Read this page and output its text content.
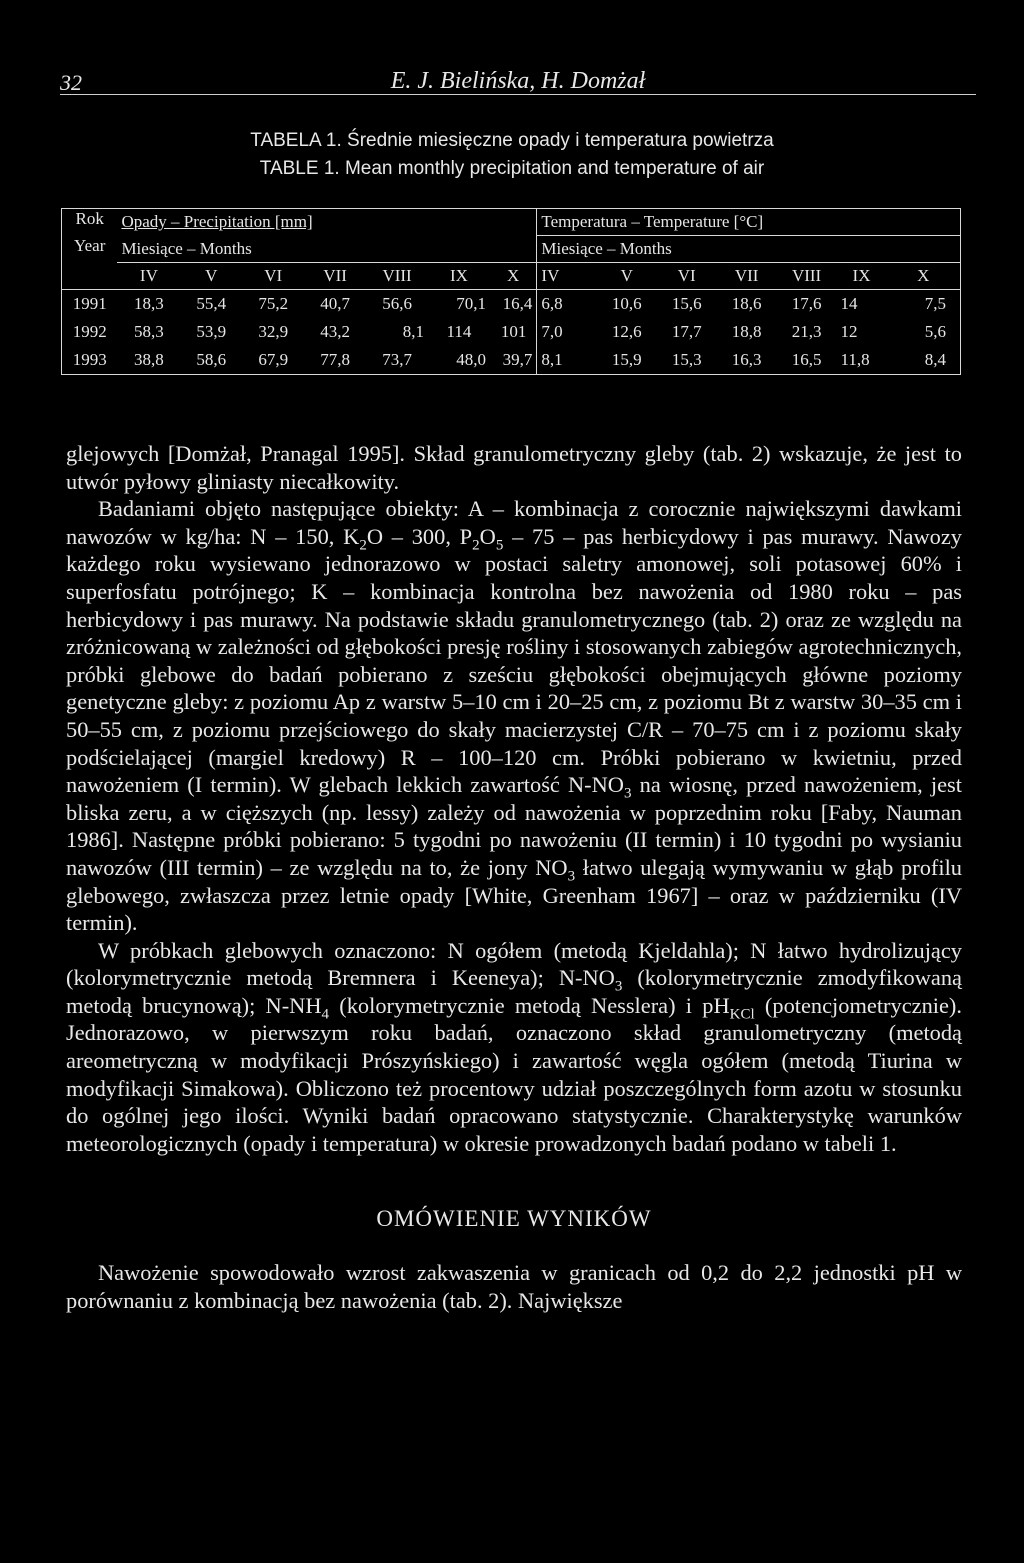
32	E. J. Bielińska, H. Domżał
TABELA 1. Średnie miesięczne opady i temperatura powietrza
TABLE 1. Mean monthly precipitation and temperature of air
Rok	Opady – Precipitation [mm]							Temperatura – Temperature [°C]						
Year	Miesiące – Months							Miesiące – Months						
	IV	V	VI	VII	VIII	IX	X	IV	V	VI	VII	VIII	IX	X
1991	18,3	55,4	75,2	40,7	56,6	70,1	16,4	6,8	10,6	15,6	18,6	17,6	14	7,5
1992	58,3	53,9	32,9	43,2	8,1	114	101	7,0	12,6	17,7	18,8	21,3	12	5,6
1993	38,8	58,6	67,9	77,8	73,7	48,0	39,7	8,1	15,9	15,3	16,3	16,5	11,8	8,4

glejowych [Domżał, Pranagal 1995]. Skład granulometryczny gleby (tab. 2) wskazuje, że jest to utwór pyłowy gliniasty niecałkowity.

Badaniami objęto następujące obiekty: A – kombinacja z corocznie największymi dawkami nawozów w kg/ha: N – 150, $K_2O - 300$, $P_2O_5 - 75$ – pas herbicydowy i pas murawy. Nawozy każdego roku wysiewano jednorazowo w postaci saletry amonowej, soli potasowej 60% i superfosfatu potrójnego; K – kombinacja kontrolna bez nawożenia od 1980 roku – pas herbicydowy i pas murawy. Na podstawie składu granulometrycznego (tab. 2) oraz ze względu na zróżnicowaną w zależności od głębokości presję rośliny i stosowanych zabiegów agrotechnicznych, próbki glebowe do badań pobierano z sześciu głębokości obejmujących główne poziomy genetyczne gleby: z poziomu Ap z warstw 5–10 cm i 20–25 cm, z poziomu Bt z warstw 30–35 cm i 50–55 cm, z poziomu przejściowego do skały macierzystej C/R – 70–75 cm i z poziomu skały podścielającej (margiel kredowy) R – 100–120 cm. Próbki pobierano w kwietniu, przed nawożeniem (I termin). W glebach lekkich zawartość $N-NO_3$ na wiosnę, przed nawożeniem, jest bliska zeru, a w cięższych (np. lessy) zależy od nawożenia w poprzednim roku [Faby, Nauman 1986]. Następne próbki pobierano: 5 tygodni po nawożeniu (II termin) i 10 tygodni po wysianiu nawozów (III termin) – ze względu na to, że jony $NO_3$ łatwo ulegają wymywaniu w głąb profilu glebowego, zwłaszcza przez letnie opady [White, Greenham 1967] – oraz w październiku (IV termin).

W próbkach glebowych oznaczono: N ogółem (metodą Kjeldahla); N łatwo hydrolizujący (kolorymetrycznie metodą Bremnera i Keeneya); $N-NO_3$ (kolorymetrycznie zmodyfikowaną metodą brucynową); $N-NH_4$ (kolorymetrycznie metodą Nesslera) i $pH_{KCl}$ (potencjometrycznie). Jednorazowo, w pierwszym roku badań, oznaczono skład granulometryczny (metodą areometryczną w modyfikacji Prószyńskiego) i zawartość węgla ogółem (metodą Tiurina w modyfikacji Simakowa). Obliczono też procentowy udział poszczególnych form azotu w stosunku do ogólnej jego ilości. Wyniki badań opracowano statystycznie. Charakterystykę warunków meteorologicznych (opady i temperatura) w okresie prowadzonych badań podano w tabeli 1.

OMÓWIENIE WYNIKÓW

Nawożenie spowodowało wzrost zakwaszenia w granicach od 0,2 do 2,2 jednostki pH w porównaniu z kombinacją bez nawożenia (tab. 2). Największe
